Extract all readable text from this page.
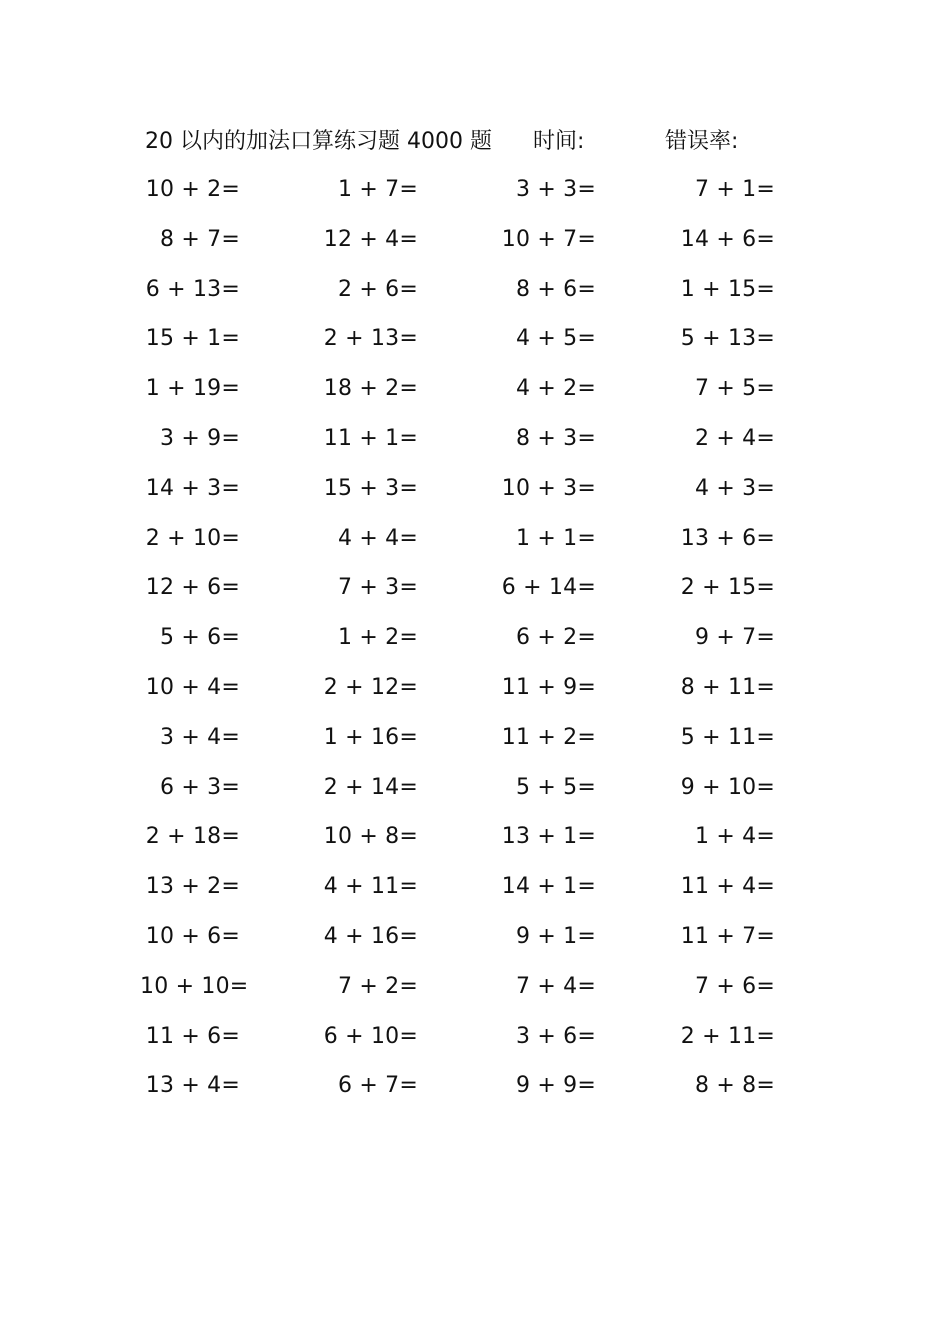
20 以内的加法口算练习题 4000 题 时间:	错误率:
10 + 2=	1 + 7=	3 + 3=	7 + 1=
8 + 7=	12 + 4=	10 + 7=	14 + 6=
6 + 13=	2 + 6=	8 + 6=	1 + 15=
15 + 1=	2 + 13=	4 + 5=	5 + 13=
1 + 19=	18 + 2=	4 + 2=	7 + 5=
3 + 9=	11 + 1=	8 + 3=	2 + 4=
14 + 3=	15 + 3=	10 + 3=	4 + 3=
2 + 10=	4 + 4=	1 + 1=	13 + 6=
12 + 6=	7 + 3=	6 + 14=	2 + 15=
5 + 6=	1 + 2=	6 + 2=	9 + 7=
10 + 4=	2 + 12=	11 + 9=	8 + 11=
3 + 4=	1 + 16=	11 + 2=	5 + 11=
6 + 3=	2 + 14=	5 + 5=	9 + 10=
2 + 18=	10 + 8=	13 + 1=	1 + 4=
13 + 2=	4 + 11=	14 + 1=	11 + 4=
10 + 6=	4 + 16=	9 + 1=	11 + 7=
10 + 10=	7 + 2=	7 + 4=	7 + 6=
11 + 6=	6 + 10=	3 + 6=	2 + 11=
13 + 4=	6 + 7=	9 + 9=	8 + 8=
